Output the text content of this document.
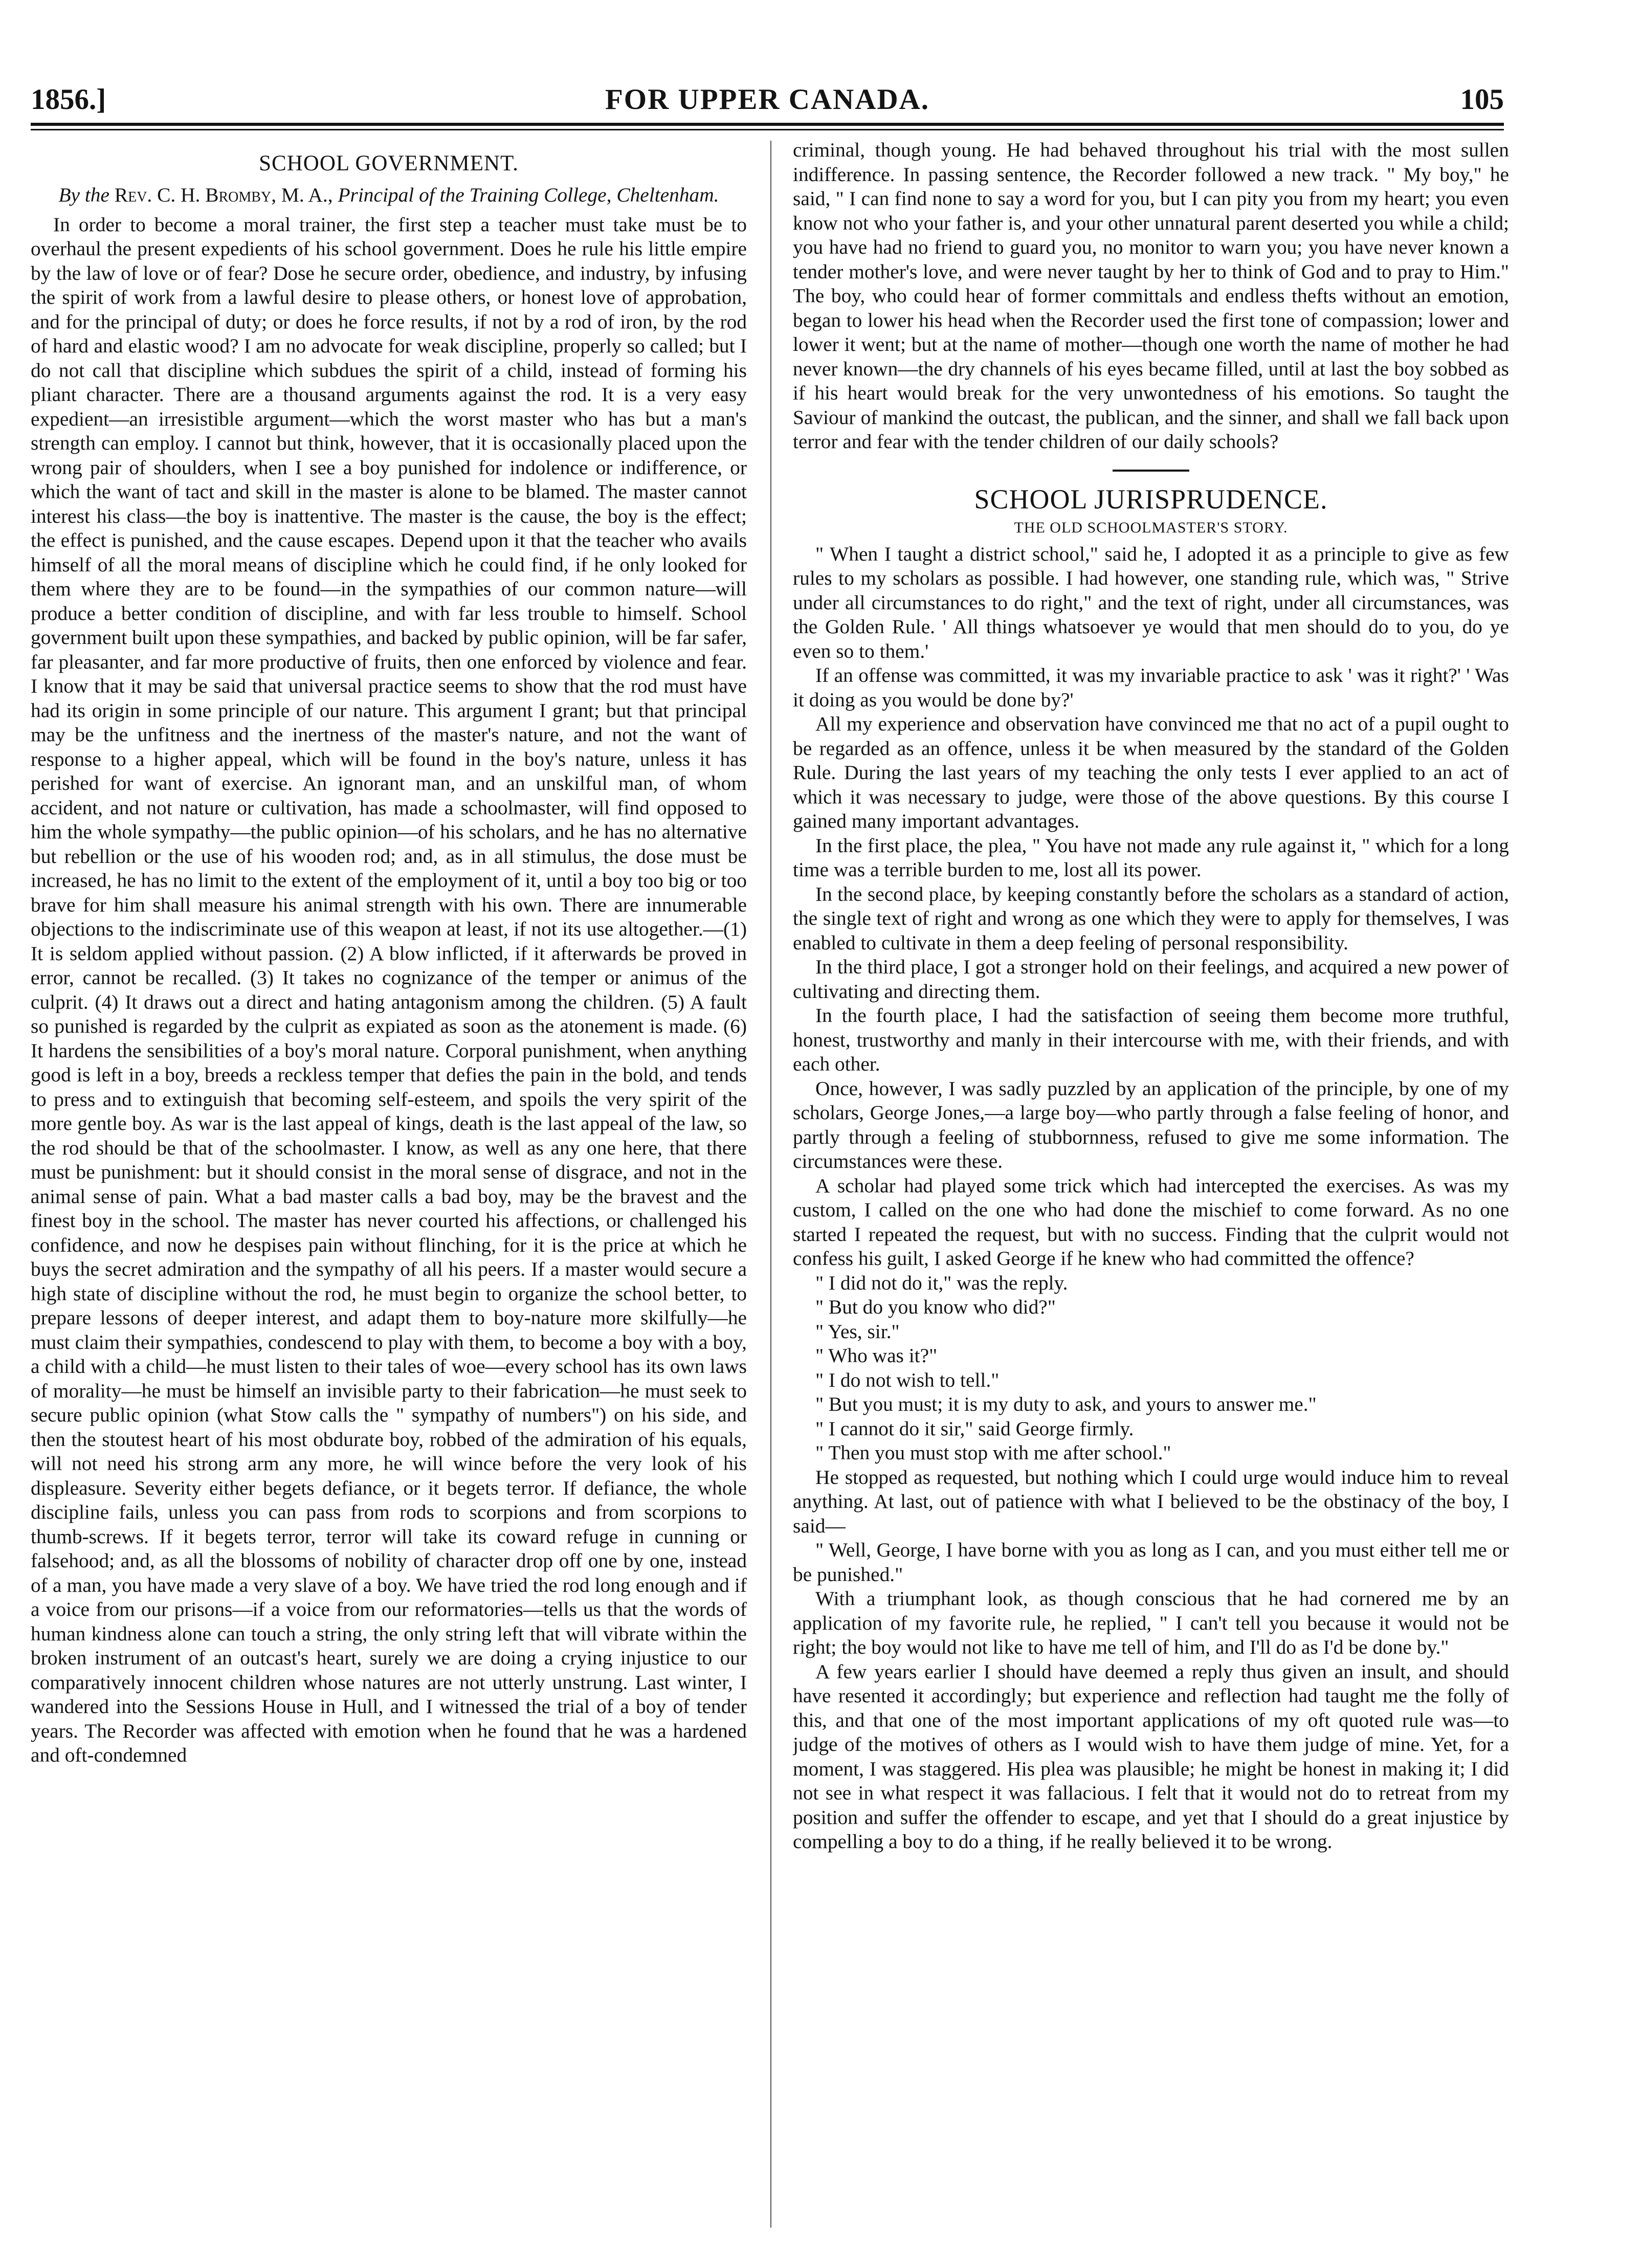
FOR UPPER CANADA.
1856.]	105
SCHOOL GOVERNMENT.
By the Rev. C. H. Bromby, M. A., Principal of the Training College, Cheltenham.

In order to become a moral trainer, the first step a teacher must take must be to overhaul the present expedients of his school government. Does he rule his little empire by the law of love or of fear? Dose he secure order, obedience, and industry, by infusing the spirit of work from a lawful desire to please others, or honest love of approbation, and for the principal of duty; or does he force results, if not by a rod of iron, by the rod of hard and elastic wood? I am no advocate for weak discipline, properly so called; but I do not call that discipline which subdues the spirit of a child, instead of forming his pliant character. There are a thousand arguments against the rod. It is a very easy expedient—an irresistible argument—which the worst master who has but a man's strength can employ. I cannot but think, however, that it is occasionally placed upon the wrong pair of shoulders, when I see a boy punished for indolence or indifference, or which the want of tact and skill in the master is alone to be blamed. The master cannot interest his class—the boy is inattentive. The master is the cause, the boy is the effect; the effect is punished, and the cause escapes. Depend upon it that the teacher who avails himself of all the moral means of discipline which he could find, if he only looked for them where they are to be found—in the sympathies of our common nature—will produce a better condition of discipline, and with far less trouble to himself. School government built upon these sympathies, and backed by public opinion, will be far safer, far pleasanter, and far more productive of fruits, then one enforced by violence and fear. I know that it may be said that universal practice seems to show that the rod must have had its origin in some principle of our nature. This argument I grant; but that principal may be the unfitness and the inertness of the master's nature, and not the want of response to a higher appeal, which will be found in the boy's nature, unless it has perished for want of exercise. An ignorant man, and an unskilful man, of whom accident, and not nature or cultivation, has made a schoolmaster, will find opposed to him the whole sympathy—the public opinion—of his scholars, and he has no alternative but rebellion or the use of his wooden rod; and, as in all stimulus, the dose must be increased, he has no limit to the extent of the employment of it, until a boy too big or too brave for him shall measure his animal strength with his own. There are innumerable objections to the indiscriminate use of this weapon at least, if not its use altogether.—(1) It is seldom applied without passion. (2) A blow inflicted, if it afterwards be proved in error, cannot be recalled. (3) It takes no cognizance of the temper or animus of the culprit. (4) It draws out a direct and hating antagonism among the children. (5) A fault so punished is regarded by the culprit as expiated as soon as the atonement is made. (6) It hardens the sensibilities of a boy's moral nature. Corporal punishment, when anything good is left in a boy, breeds a reckless temper that defies the pain in the bold, and tends to press and to extinguish that becoming self-esteem, and spoils the very spirit of the more gentle boy. As war is the last appeal of kings, death is the last appeal of the law, so the rod should be that of the schoolmaster. I know, as well as any one here, that there must be punishment: but it should consist in the moral sense of disgrace, and not in the animal sense of pain. What a bad master calls a bad boy, may be the bravest and the finest boy in the school. The master has never courted his affections, or challenged his confidence, and now he despises pain without flinching, for it is the price at which he buys the secret admiration and the sympathy of all his peers. If a master would secure a high state of discipline without the rod, he must begin to organize the school better, to prepare lessons of deeper interest, and adapt them to boy-nature more skilfully—he must claim their sympathies, condescend to play with them, to become a boy with a boy, a child with a child—he must listen to their tales of woe—every school has its own laws of morality—he must be himself an invisible party to their fabrication—he must seek to secure public opinion (what Stow calls the " sympathy of numbers") on his side, and then the stoutest heart of his most obdurate boy, robbed of the admiration of his equals, will not need his strong arm any more, he will wince before the very look of his displeasure. Severity either begets defiance, or it begets terror. If defiance, the whole discipline fails, unless you can pass from rods to scorpions and from scorpions to thumb-screws. If it begets terror, terror will take its coward refuge in cunning or falsehood; and, as all the blossoms of nobility of character drop off one by one, instead of a man, you have made a very slave of a boy. We have tried the rod long enough and if a voice from our prisons—if a voice from our reformatories—tells us that the words of human kindness alone can touch a string, the only string left that will vibrate within the broken instrument of an outcast's heart, surely we are doing a crying injustice to our comparatively innocent children whose natures are not utterly unstrung. Last winter, I wandered into the Sessions House in Hull, and I witnessed the trial of a boy of tender years. The Recorder was affected with emotion when he found that he was a hardened and oft-condemned

criminal, though young. He had behaved throughout his trial with the most sullen indifference. In passing sentence, the Recorder followed a new track. " My boy," he said, " I can find none to say a word for you, but I can pity you from my heart; you even know not who your father is, and your other unnatural parent deserted you while a child; you have had no friend to guard you, no monitor to warn you; you have never known a tender mother's love, and were never taught by her to think of God and to pray to Him." The boy, who could hear of former committals and endless thefts without an emotion, began to lower his head when the Recorder used the first tone of compassion; lower and lower it went; but at the name of mother—though one worth the name of mother he had never known—the dry channels of his eyes became filled, until at last the boy sobbed as if his heart would break for the very unwontedness of his emotions. So taught the Saviour of mankind the outcast, the publican, and the sinner, and shall we fall back upon terror and fear with the tender children of our daily schools?

SCHOOL JURISPRUDENCE.
THE OLD SCHOOLMASTER'S STORY.

" When I taught a district school," said he, I adopted it as a principle to give as few rules to my scholars as possible. I had however, one standing rule, which was, " Strive under all circumstances to do right," and the text of right, under all circumstances, was the Golden Rule. ' All things whatsoever ye would that men should do to you, do ye even so to them.'

If an offense was committed, it was my invariable practice to ask ' was it right?' ' Was it doing as you would be done by?'

All my experience and observation have convinced me that no act of a pupil ought to be regarded as an offence, unless it be when measured by the standard of the Golden Rule. During the last years of my teaching the only tests I ever applied to an act of which it was necessary to judge, were those of the above questions. By this course I gained many important advantages.

In the first place, the plea, " You have not made any rule against it, " which for a long time was a terrible burden to me, lost all its power.

In the second place, by keeping constantly before the scholars as a standard of action, the single text of right and wrong as one which they were to apply for themselves, I was enabled to cultivate in them a deep feeling of personal responsibility.

In the third place, I got a stronger hold on their feelings, and acquired a new power of cultivating and directing them.

In the fourth place, I had the satisfaction of seeing them become more truthful, honest, trustworthy and manly in their intercourse with me, with their friends, and with each other.

Once, however, I was sadly puzzled by an application of the principle, by one of my scholars, George Jones,—a large boy—who partly through a false feeling of honor, and partly through a feeling of stubbornness, refused to give me some information. The circumstances were these.

A scholar had played some trick which had intercepted the exercises. As was my custom, I called on the one who had done the mischief to come forward. As no one started I repeated the request, but with no success. Finding that the culprit would not confess his guilt, I asked George if he knew who had committed the offence?

" I did not do it," was the reply.

" But do you know who did?"

" Yes, sir."

" Who was it?"

" I do not wish to tell."

" But you must; it is my duty to ask, and yours to answer me."

" I cannot do it sir," said George firmly.

" Then you must stop with me after school."

He stopped as requested, but nothing which I could urge would induce him to reveal anything. At last, out of patience with what I believed to be the obstinacy of the boy, I said—

" Well, George, I have borne with you as long as I can, and you must either tell me or be punished."

With a triumphant look, as though conscious that he had cornered me by an application of my favorite rule, he replied, " I can't tell you because it would not be right; the boy would not like to have me tell of him, and I'll do as I'd be done by."

A few years earlier I should have deemed a reply thus given an insult, and should have resented it accordingly; but experience and reflection had taught me the folly of this, and that one of the most important applications of my oft quoted rule was—to judge of the motives of others as I would wish to have them judge of mine. Yet, for a moment, I was staggered. His plea was plausible; he might be honest in making it; I did not see in what respect it was fallacious. I felt that it would not do to retreat from my position and suffer the offender to escape, and yet that I should do a great injustice by compelling a boy to do a thing, if he really believed it to be wrong.
